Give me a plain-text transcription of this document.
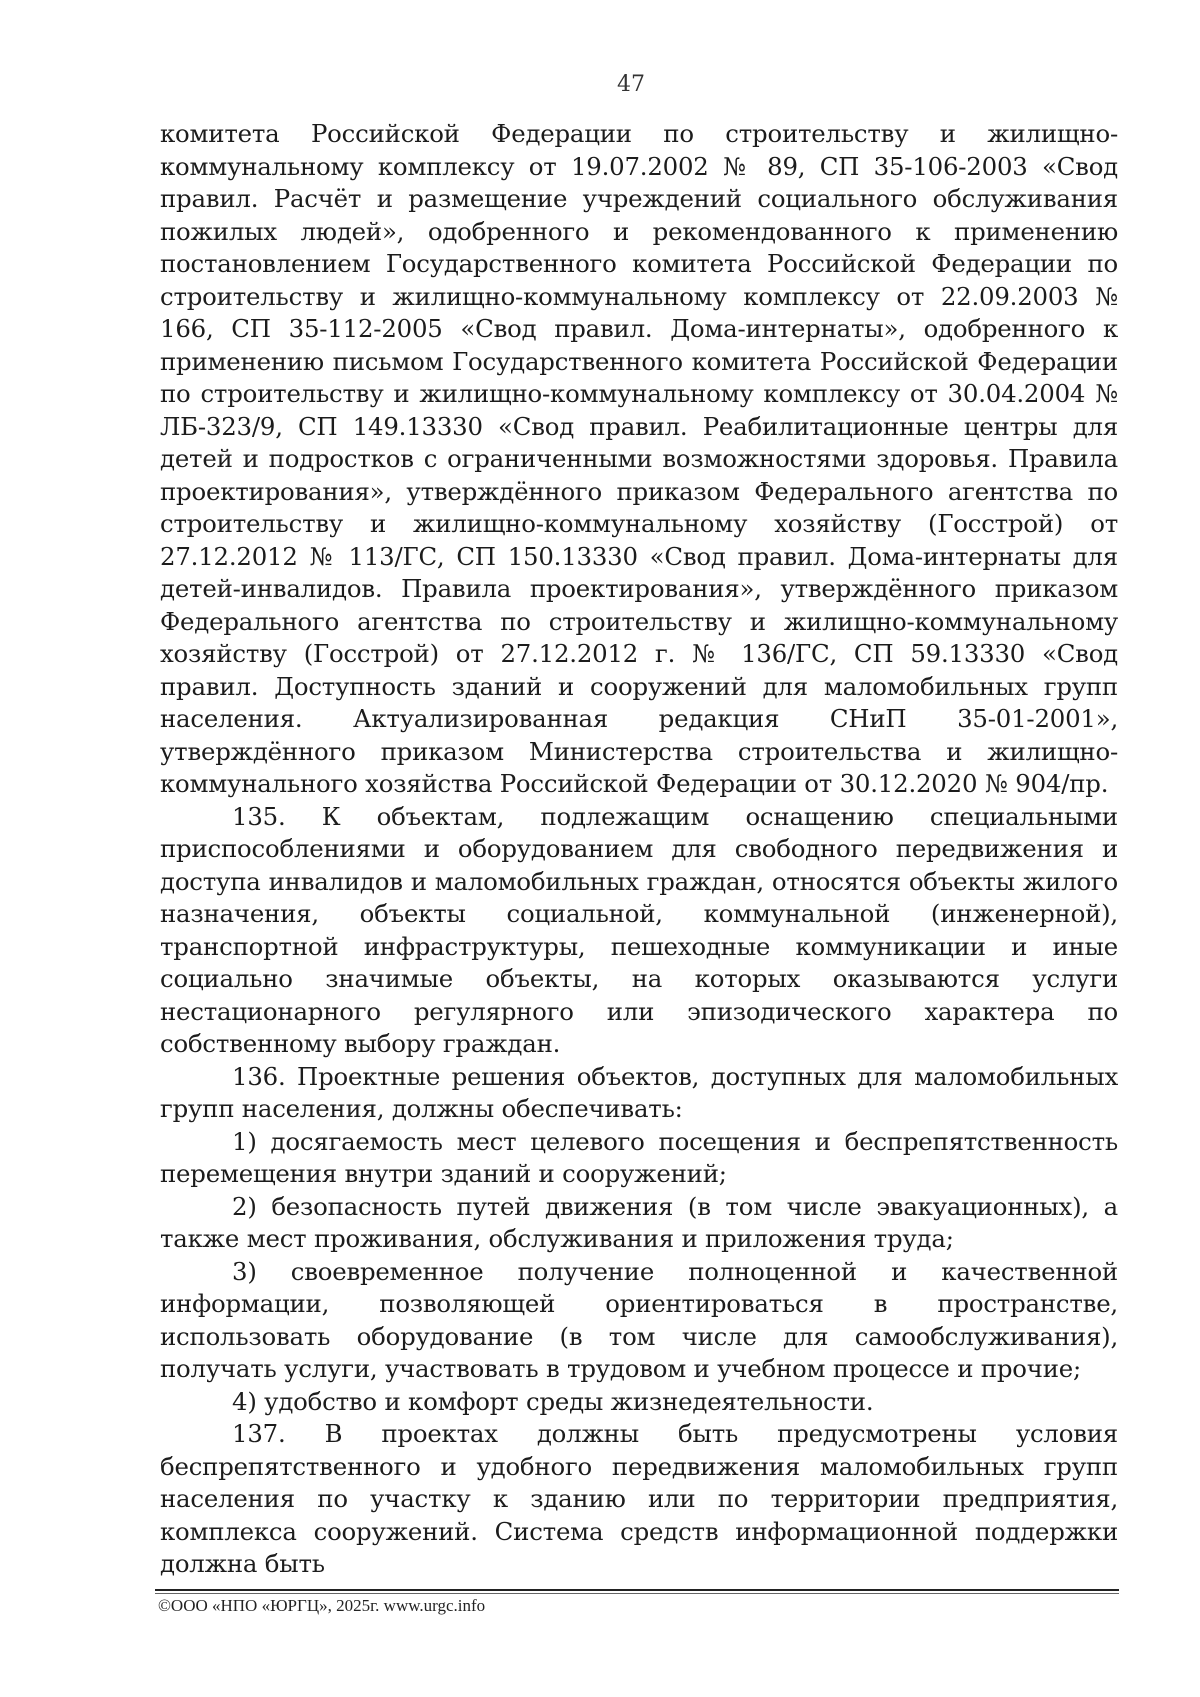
47

комитета Российской Федерации по строительству и жилищно-коммунальному комплексу от 19.07.2002 № 89, СП 35-106-2003 «Свод правил. Расчёт и размещение учреждений социального обслуживания пожилых людей», одобренного и рекомендованного к применению постановлением Государственного комитета Российской Федерации по строительству и жилищно-коммунальному комплексу от 22.09.2003 № 166, СП 35-112-2005 «Свод правил. Дома-интернаты», одобренного к применению письмом Государственного комитета Российской Федерации по строительству и жилищно-коммунальному комплексу от 30.04.2004 № ЛБ-323/9, СП 149.13330 «Свод правил. Реабилитационные центры для детей и подростков с ограниченными возможностями здоровья. Правила проектирования», утверждённого приказом Федерального агентства по строительству и жилищно-коммунальному хозяйству (Госстрой) от 27.12.2012 № 113/ГС, СП 150.13330 «Свод правил. Дома-интернаты для детей-инвалидов. Правила проектирования», утверждённого приказом Федерального агентства по строительству и жилищно-коммунальному хозяйству (Госстрой) от 27.12.2012 г. № 136/ГС, СП 59.13330 «Свод правил. Доступность зданий и сооружений для маломобильных групп населения. Актуализированная редакция СНиП 35-01-2001», утверждённого приказом Министерства строительства и жилищно-коммунального хозяйства Российской Федерации от 30.12.2020 № 904/пр.

135. К объектам, подлежащим оснащению специальными приспособлениями и оборудованием для свободного передвижения и доступа инвалидов и маломобильных граждан, относятся объекты жилого назначения, объекты социальной, коммунальной (инженерной), транспортной инфраструктуры, пешеходные коммуникации и иные социально значимые объекты, на которых оказываются услуги нестационарного регулярного или эпизодического характера по собственному выбору граждан.

136. Проектные решения объектов, доступных для маломобильных групп населения, должны обеспечивать:

1) досягаемость мест целевого посещения и беспрепятственность перемещения внутри зданий и сооружений;

2) безопасность путей движения (в том числе эвакуационных), а также мест проживания, обслуживания и приложения труда;

3) своевременное получение полноценной и качественной информации, позволяющей ориентироваться в пространстве, использовать оборудование (в том числе для самообслуживания), получать услуги, участвовать в трудовом и учебном процессе и прочие;

4) удобство и комфорт среды жизнедеятельности.

137. В проектах должны быть предусмотрены условия беспрепятственного и удобного передвижения маломобильных групп населения по участку к зданию или по территории предприятия, комплекса сооружений. Система средств информационной поддержки должна быть

©ООО «НПО «ЮРГЦ», 2025г. www.urgc.info
